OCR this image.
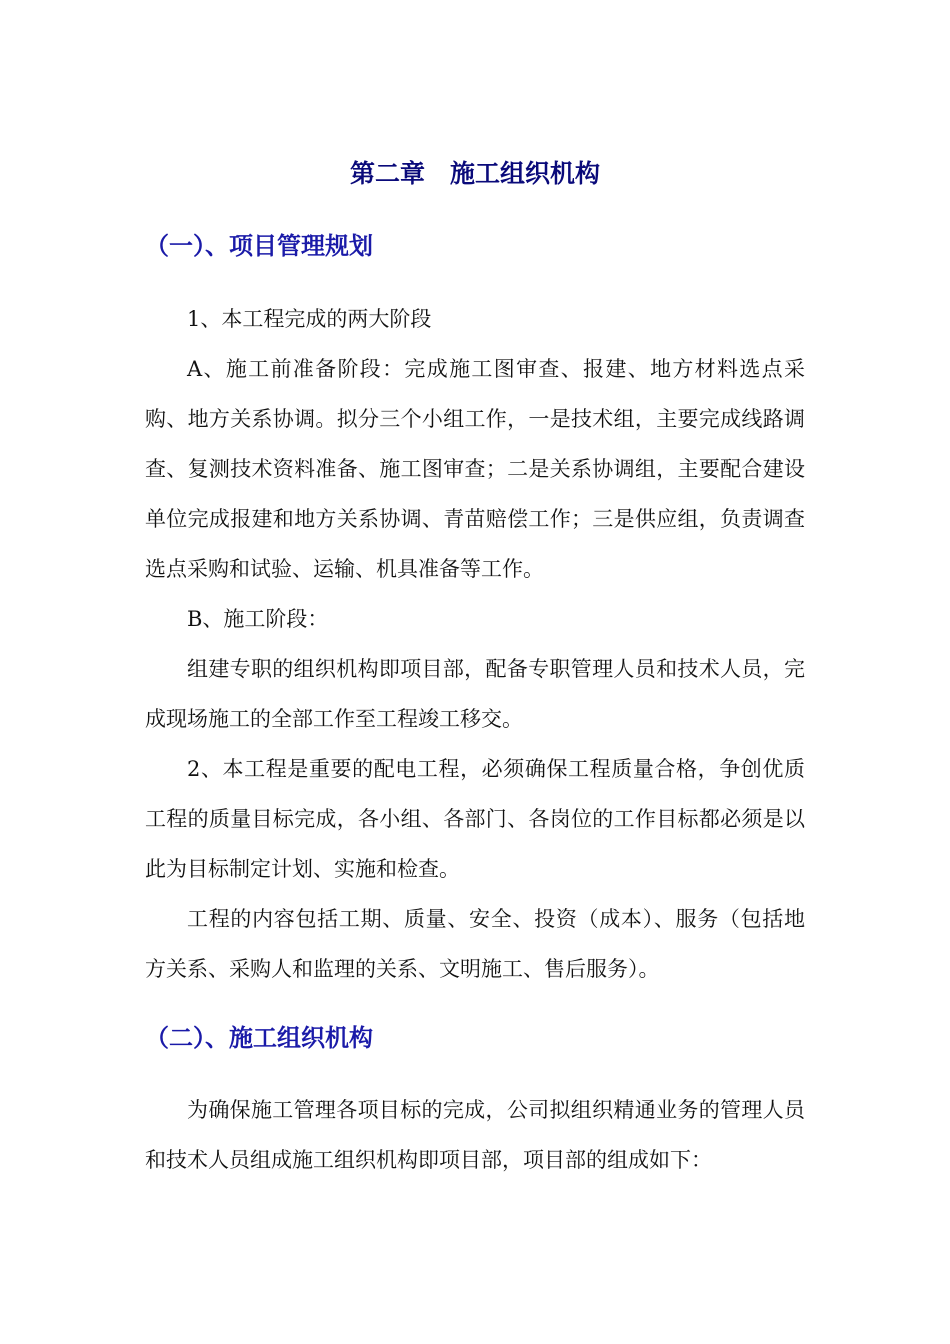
第二章　施工组织机构
（一）、项目管理规划

1、本工程完成的两大阶段

A、施工前准备阶段：完成施工图审查、报建、地方材料选点采购、地方关系协调。拟分三个小组工作，一是技术组，主要完成线路调查、复测技术资料准备、施工图审查；二是关系协调组，主要配合建设单位完成报建和地方关系协调、青苗赔偿工作；三是供应组，负责调查选点采购和试验、运输、机具准备等工作。

B、施工阶段：

组建专职的组织机构即项目部，配备专职管理人员和技术人员，完成现场施工的全部工作至工程竣工移交。

2、本工程是重要的配电工程，必须确保工程质量合格，争创优质工程的质量目标完成，各小组、各部门、各岗位的工作目标都必须是以此为目标制定计划、实施和检查。

工程的内容包括工期、质量、安全、投资（成本）、服务（包括地方关系、采购人和监理的关系、文明施工、售后服务）。

（二）、施工组织机构

为确保施工管理各项目标的完成，公司拟组织精通业务的管理人员和技术人员组成施工组织机构即项目部，项目部的组成如下：
